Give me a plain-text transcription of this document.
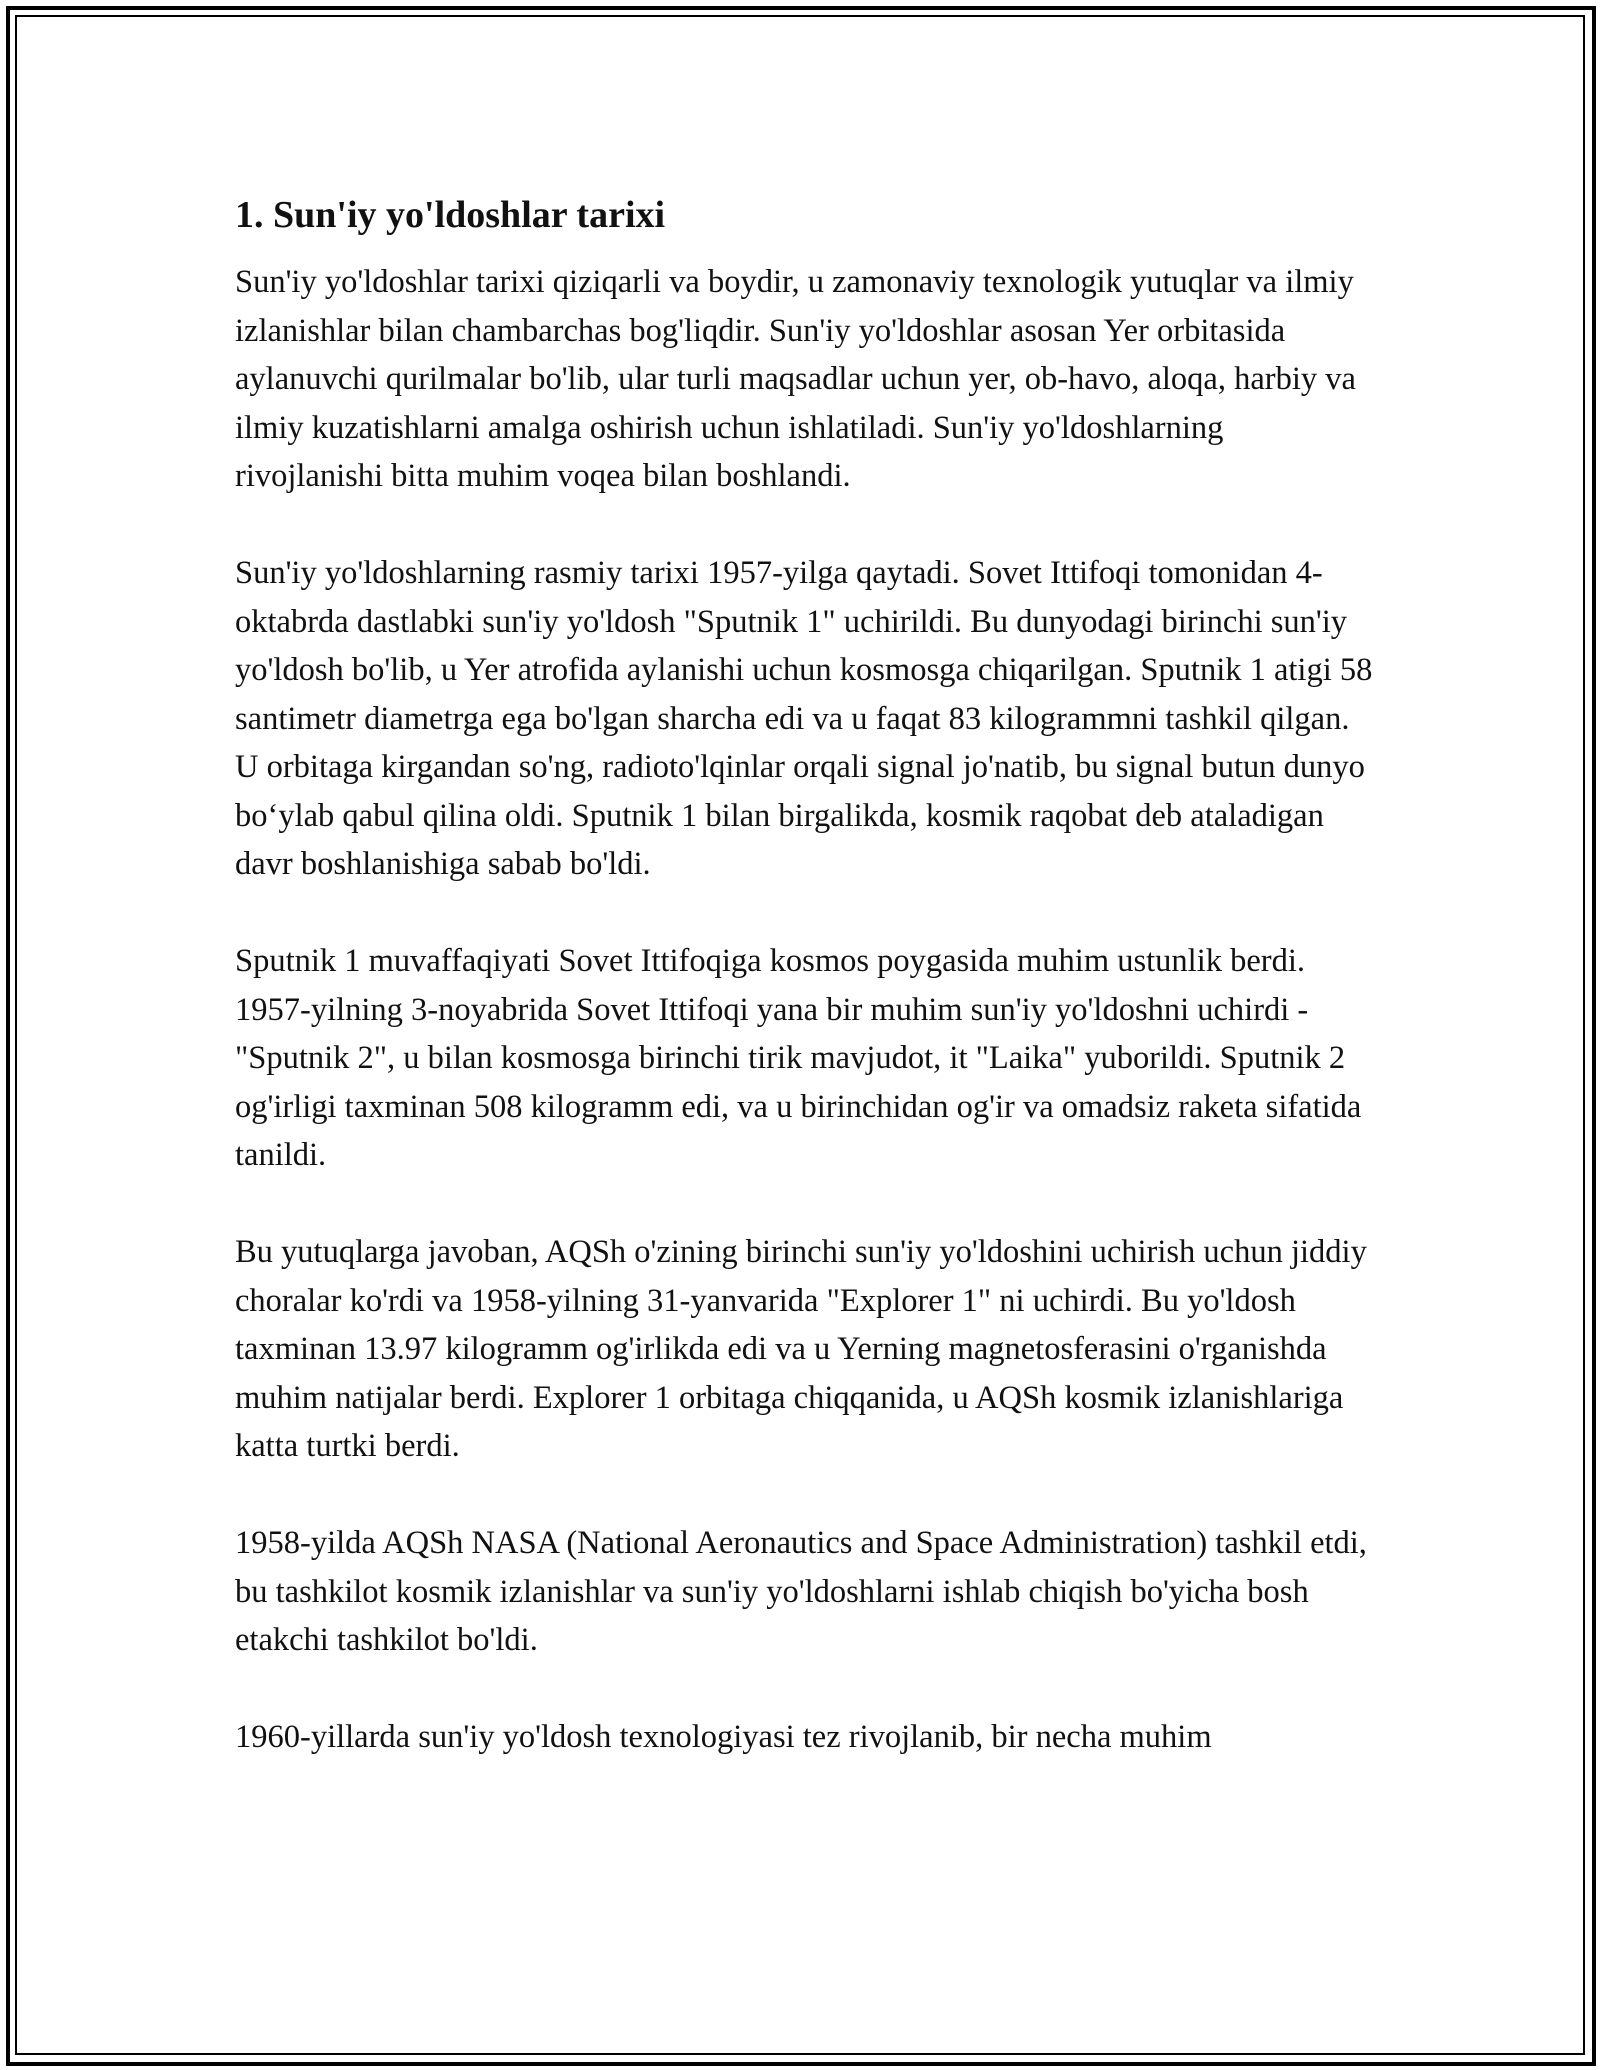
1. Sun'iy yo'ldoshlar tarixi

Sun'iy yo'ldoshlar tarixi qiziqarli va boydir, u zamonaviy texnologik yutuqlar va ilmiy izlanishlar bilan chambarchas bog'liqdir. Sun'iy yo'ldoshlar asosan Yer orbitasida aylanuvchi qurilmalar bo'lib, ular turli maqsadlar uchun yer, ob-havo, aloqa, harbiy va ilmiy kuzatishlarni amalga oshirish uchun ishlatiladi. Sun'iy yo'ldoshlarning rivojlanishi bitta muhim voqea bilan boshlandi.

Sun'iy yo'ldoshlarning rasmiy tarixi 1957-yilga qaytadi. Sovet Ittifoqi tomonidan 4-oktabrda dastlabki sun'iy yo'ldosh "Sputnik 1" uchirildi. Bu dunyodagi birinchi sun'iy yo'ldosh bo'lib, u Yer atrofida aylanishi uchun kosmosga chiqarilgan. Sputnik 1 atigi 58 santimetr diametrga ega bo'lgan sharcha edi va u faqat 83 kilogrammni tashkil qilgan. U orbitaga kirgandan so'ng, radioto'lqinlar orqali signal jo'natib, bu signal butun dunyo bo‘ylab qabul qilina oldi. Sputnik 1 bilan birgalikda, kosmik raqobat deb ataladigan davr boshlanishiga sabab bo'ldi.

Sputnik 1 muvaffaqiyati Sovet Ittifoqiga kosmos poygasida muhim ustunlik berdi. 1957-yilning 3-noyabrida Sovet Ittifoqi yana bir muhim sun'iy yo'ldoshni uchirdi - "Sputnik 2", u bilan kosmosga birinchi tirik mavjudot, it "Laika" yuborildi. Sputnik 2 og'irligi taxminan 508 kilogramm edi, va u birinchidan og'ir va omadsiz raketa sifatida tanildi.

Bu yutuqlarga javoban, AQSh o'zining birinchi sun'iy yo'ldoshini uchirish uchun jiddiy choralar ko'rdi va 1958-yilning 31-yanvarida "Explorer 1" ni uchirdi. Bu yo'ldosh taxminan 13.97 kilogramm og'irlikda edi va u Yerning magnetosferasini o'rganishda muhim natijalar berdi. Explorer 1 orbitaga chiqqanida, u AQSh kosmik izlanishlariga katta turtki berdi.

1958-yilda AQSh NASA (National Aeronautics and Space Administration) tashkil etdi, bu tashkilot kosmik izlanishlar va sun'iy yo'ldoshlarni ishlab chiqish bo'yicha bosh etakchi tashkilot bo'ldi.

1960-yillarda sun'iy yo'ldosh texnologiyasi tez rivojlanib, bir necha muhim
